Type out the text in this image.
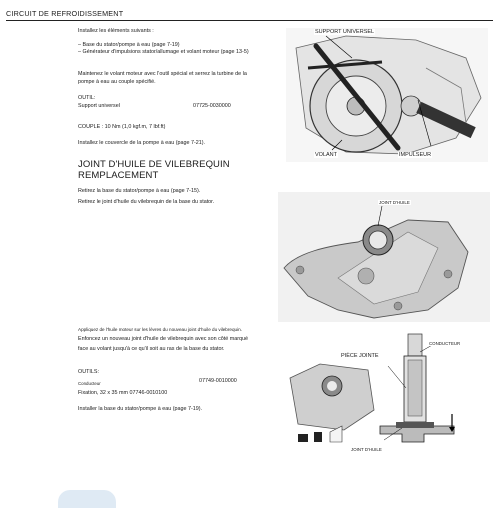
CIRCUIT DE REFROIDISSEMENT
Installez les éléments suivants :
– Base du stator/pompe à eau (page 7-19)
– Générateur d'impulsions stator/allumage et volant moteur (page 13-5)
Maintenez le volant moteur avec l'outil spécial et serrez la turbine de la
pompe à eau au couple spécifié.
OUTIL:
Support universel	07725-0030000
COUPLE : 10 Nm (1,0 kgf.m, 7 lbf.ft)
Installez le couvercle de la pompe à eau (page 7-21).
SUPPORT UNIVERSEL
VOLANT	IMPULSEUR
JOINT D'HUILE DE VILEBREQUIN
REMPLACEMENT
Retirez la base du stator/pompe à eau (page 7-15).
Retirez le joint d'huile du vilebrequin de la base du stator.	JOINT D'HUILE
Appliquez de l'huile moteur sur les lèvres du nouveau joint d'huile du vilebrequin.
Enfoncez un nouveau joint d'huile de vilebrequin avec son côté marqué
face au volant jusqu'à ce qu'il soit au ras de la base du stator.
OUTILS:
Conducteur	07749-0010000
Fixation, 32 x 35 mm 07746-0010100
Installer la base du stator/pompe à eau (page 7-19).
CONDUCTEUR
PIÈCE JOINTE
JOINT D'HUILE
